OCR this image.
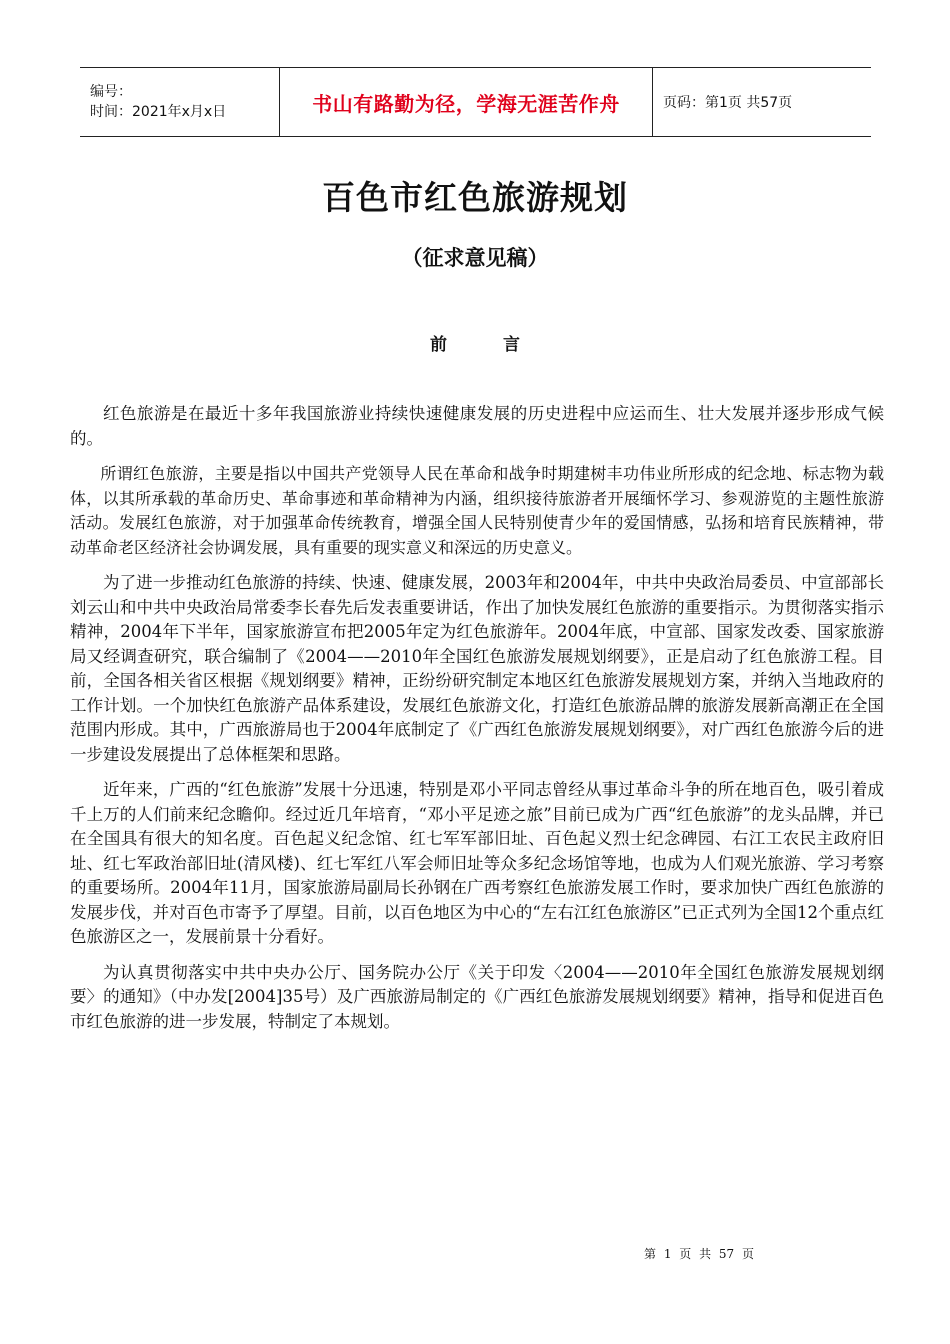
编号：
时间：2021年x月x日	书山有路勤为径，学海无涯苦作舟	页码：第1页 共57页
百色市红色旅游规划
（征求意见稿）
前言

红色旅游是在最近十多年我国旅游业持续快速健康发展的历史进程中应运而生、壮大发展并逐步形成气候的。

所谓红色旅游，主要是指以中国共产党领导人民在革命和战争时期建树丰功伟业所形成的纪念地、标志物为载体，以其所承载的革命历史、革命事迹和革命精神为内涵，组织接待旅游者开展缅怀学习、参观游览的主题性旅游活动。发展红色旅游，对于加强革命传统教育，增强全国人民特别使青少年的爱国情感，弘扬和培育民族精神，带动革命老区经济社会协调发展，具有重要的现实意义和深远的历史意义。

为了进一步推动红色旅游的持续、快速、健康发展，2003年和2004年，中共中央政治局委员、中宣部部长刘云山和中共中央政治局常委李长春先后发表重要讲话，作出了加快发展红色旅游的重要指示。为贯彻落实指示精神，2004年下半年，国家旅游宣布把2005年定为红色旅游年。2004年底，中宣部、国家发改委、国家旅游局又经调查研究，联合编制了《2004——2010年全国红色旅游发展规划纲要》，正是启动了红色旅游工程。目前，全国各相关省区根据《规划纲要》精神，正纷纷研究制定本地区红色旅游发展规划方案，并纳入当地政府的工作计划。一个加快红色旅游产品体系建设，发展红色旅游文化，打造红色旅游品牌的旅游发展新高潮正在全国范围内形成。其中，广西旅游局也于2004年底制定了《广西红色旅游发展规划纲要》，对广西红色旅游今后的进一步建设发展提出了总体框架和思路。

近年来，广西的“红色旅游”发展十分迅速，特别是邓小平同志曾经从事过革命斗争的所在地百色，吸引着成千上万的人们前来纪念瞻仰。经过近几年培育，“邓小平足迹之旅”目前已成为广西“红色旅游”的龙头品牌，并已在全国具有很大的知名度。百色起义纪念馆、红七军军部旧址、百色起义烈士纪念碑园、右江工农民主政府旧址、红七军政治部旧址(清风楼)、红七军红八军会师旧址等众多纪念场馆等地，也成为人们观光旅游、学习考察的重要场所。2004年11月，国家旅游局副局长孙钢在广西考察红色旅游发展工作时，要求加快广西红色旅游的发展步伐，并对百色市寄予了厚望。目前，以百色地区为中心的“左右江红色旅游区”已正式列为全国12个重点红色旅游区之一，发展前景十分看好。

为认真贯彻落实中共中央办公厅、国务院办公厅《关于印发〈2004——2010年全国红色旅游发展规划纲要〉的通知》（中办发[2004]35号）及广西旅游局制定的《广西红色旅游发展规划纲要》精神，指导和促进百色市红色旅游的进一步发展，特制定了本规划。

第 1 页 共 57 页
